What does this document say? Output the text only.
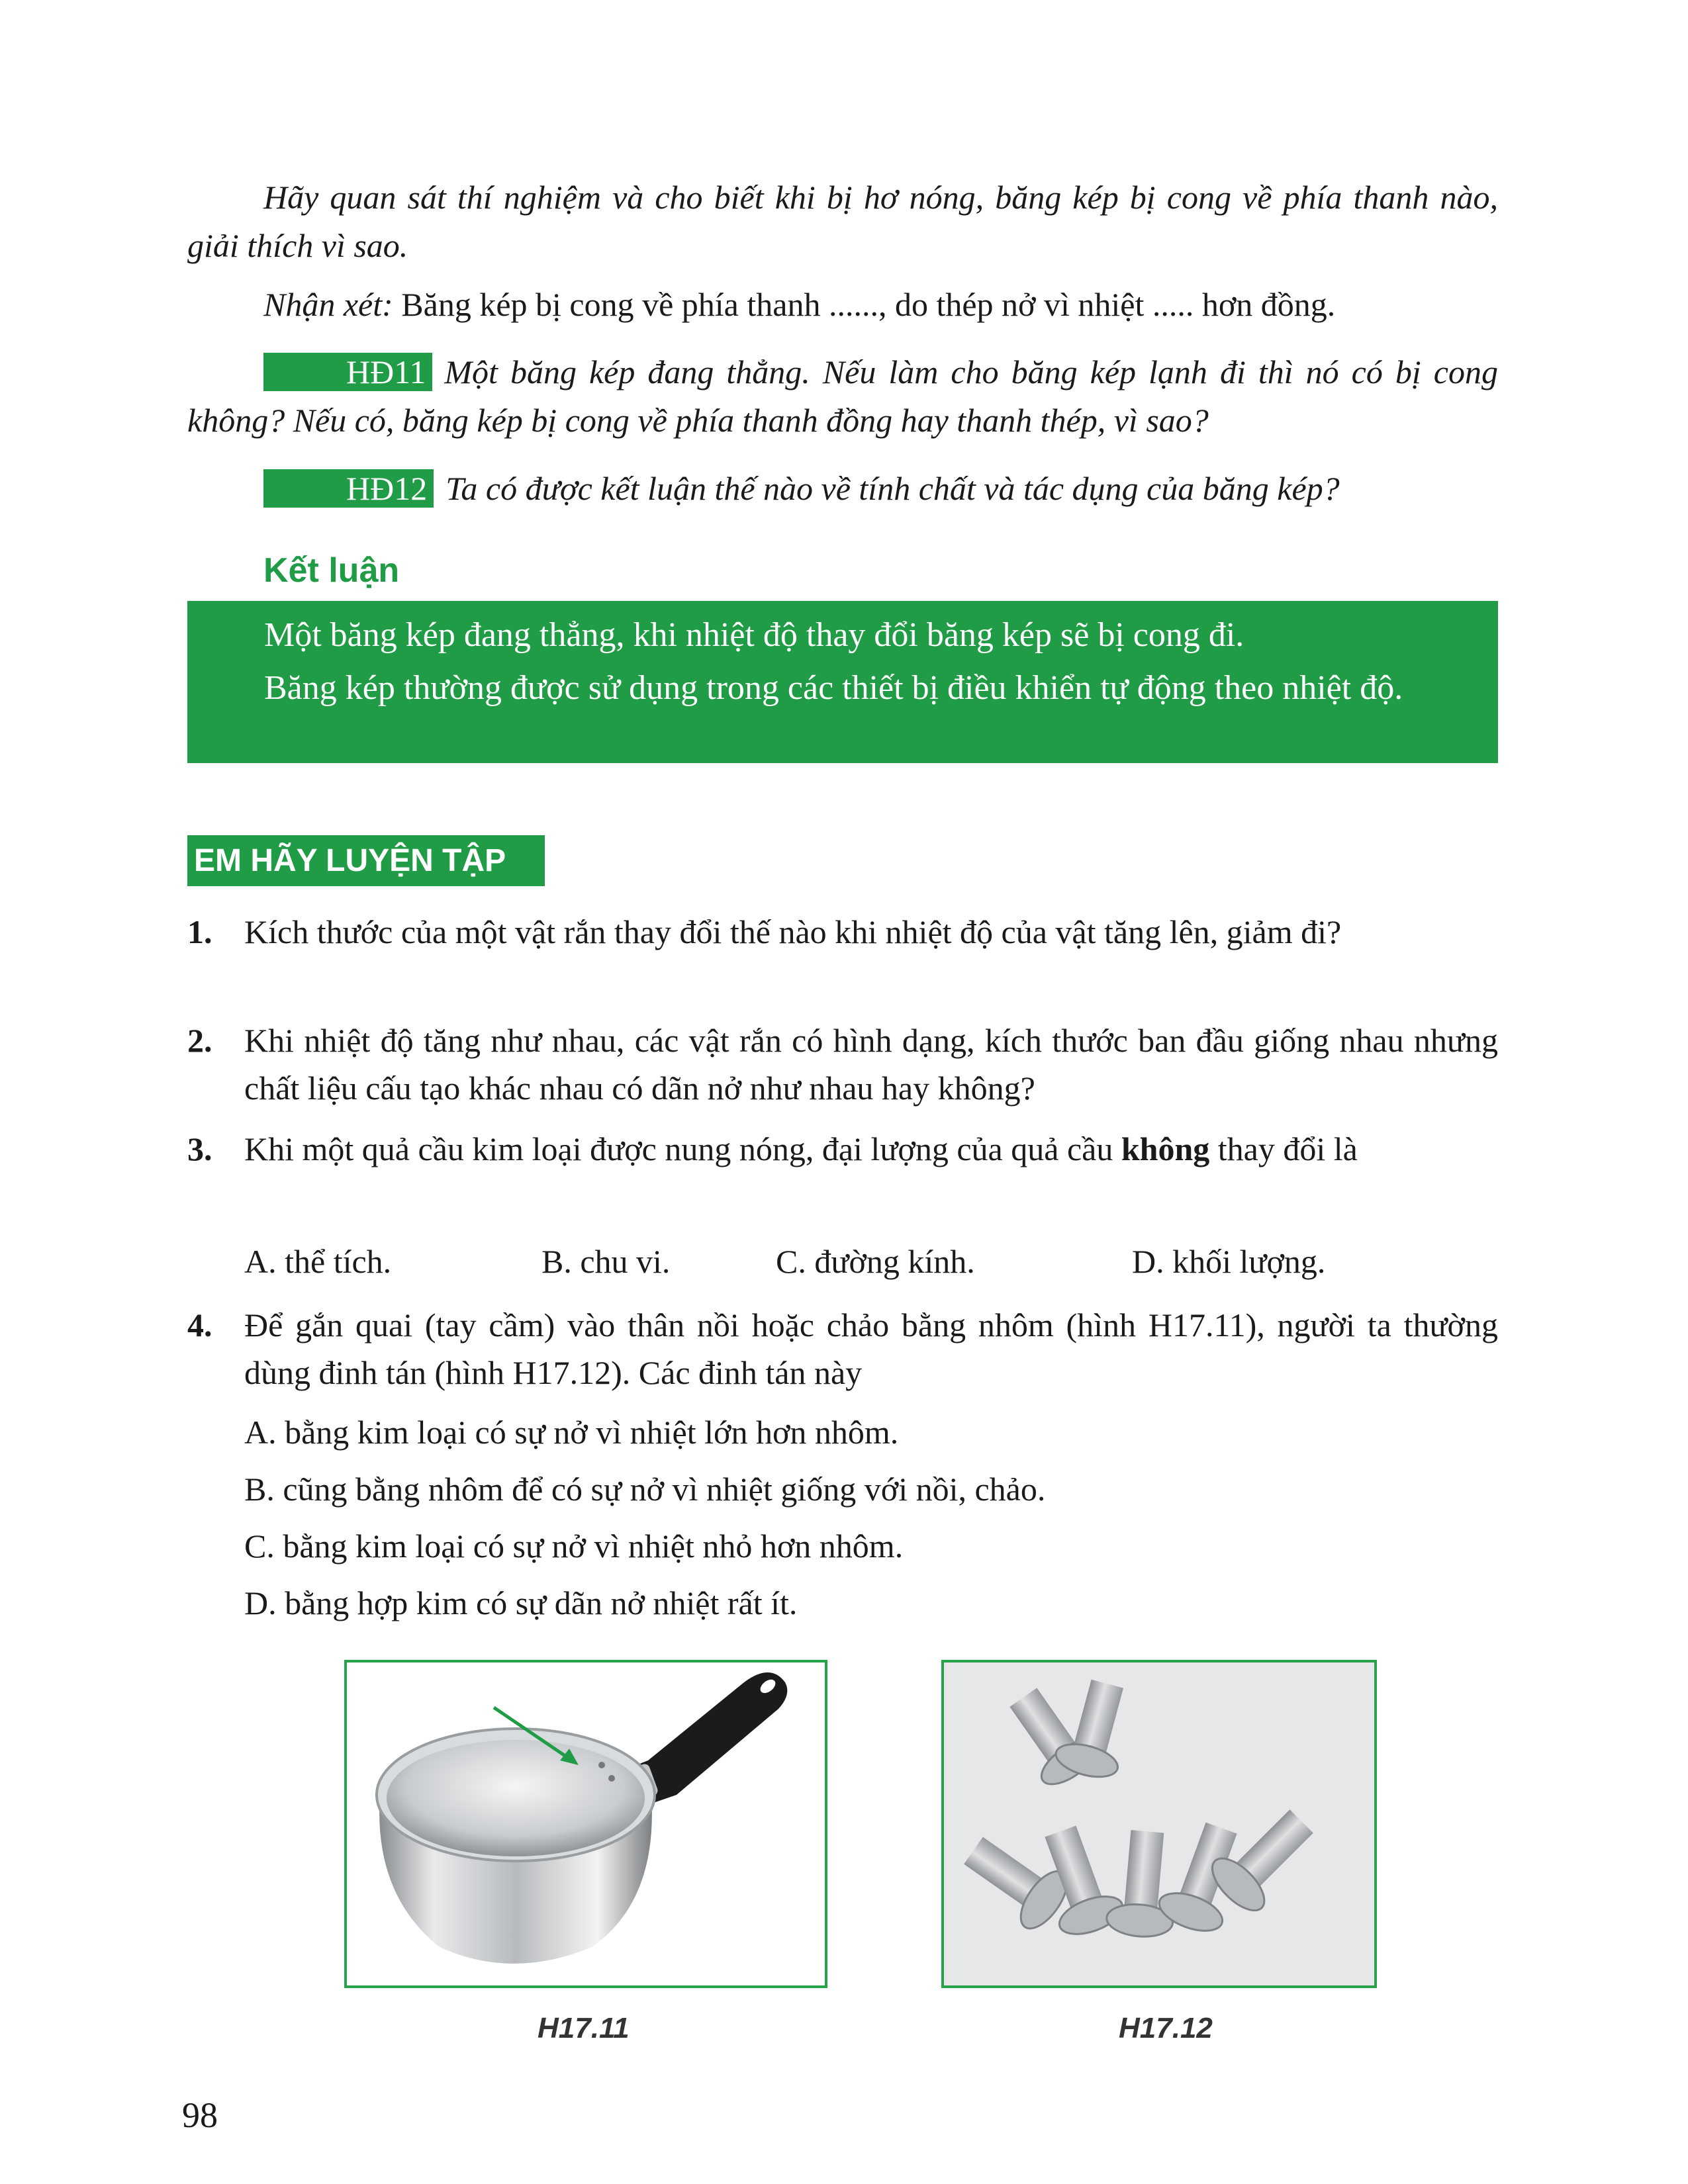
Hãy quan sát thí nghiệm và cho biết khi bị hơ nóng, băng kép bị cong về phía thanh nào, giải thích vì sao.
Nhận xét: Băng kép bị cong về phía thanh ......, do thép nở vì nhiệt ..... hơn đồng.
HĐ11 Một băng kép đang thẳng. Nếu làm cho băng kép lạnh đi thì nó có bị cong không? Nếu có, băng kép bị cong về phía thanh đồng hay thanh thép, vì sao?
HĐ12 Ta có được kết luận thế nào về tính chất và tác dụng của băng kép?
Kết luận

Một băng kép đang thẳng, khi nhiệt độ thay đổi băng kép sẽ bị cong đi.

Băng kép thường được sử dụng trong các thiết bị điều khiển tự động theo nhiệt độ.

EM HÃY LUYỆN TẬP
1. Kích thước của một vật rắn thay đổi thế nào khi nhiệt độ của vật tăng lên, giảm đi?
2. Khi nhiệt độ tăng như nhau, các vật rắn có hình dạng, kích thước ban đầu giống nhau nhưng chất liệu cấu tạo khác nhau có dãn nở như nhau hay không?
3. Khi một quả cầu kim loại được nung nóng, đại lượng của quả cầu không thay đổi là
A. thể tích.	B. chu vi.	C. đường kính.	D. khối lượng.
4. Để gắn quai (tay cầm) vào thân nồi hoặc chảo bằng nhôm (hình H17.11), người ta thường dùng đinh tán (hình H17.12). Các đinh tán này
A. bằng kim loại có sự nở vì nhiệt lớn hơn nhôm.
B. cũng bằng nhôm để có sự nở vì nhiệt giống với nồi, chảo.
C. bằng kim loại có sự nở vì nhiệt nhỏ hơn nhôm.
D. bằng hợp kim có sự dãn nở nhiệt rất ít.
H17.11	H17.12
98
